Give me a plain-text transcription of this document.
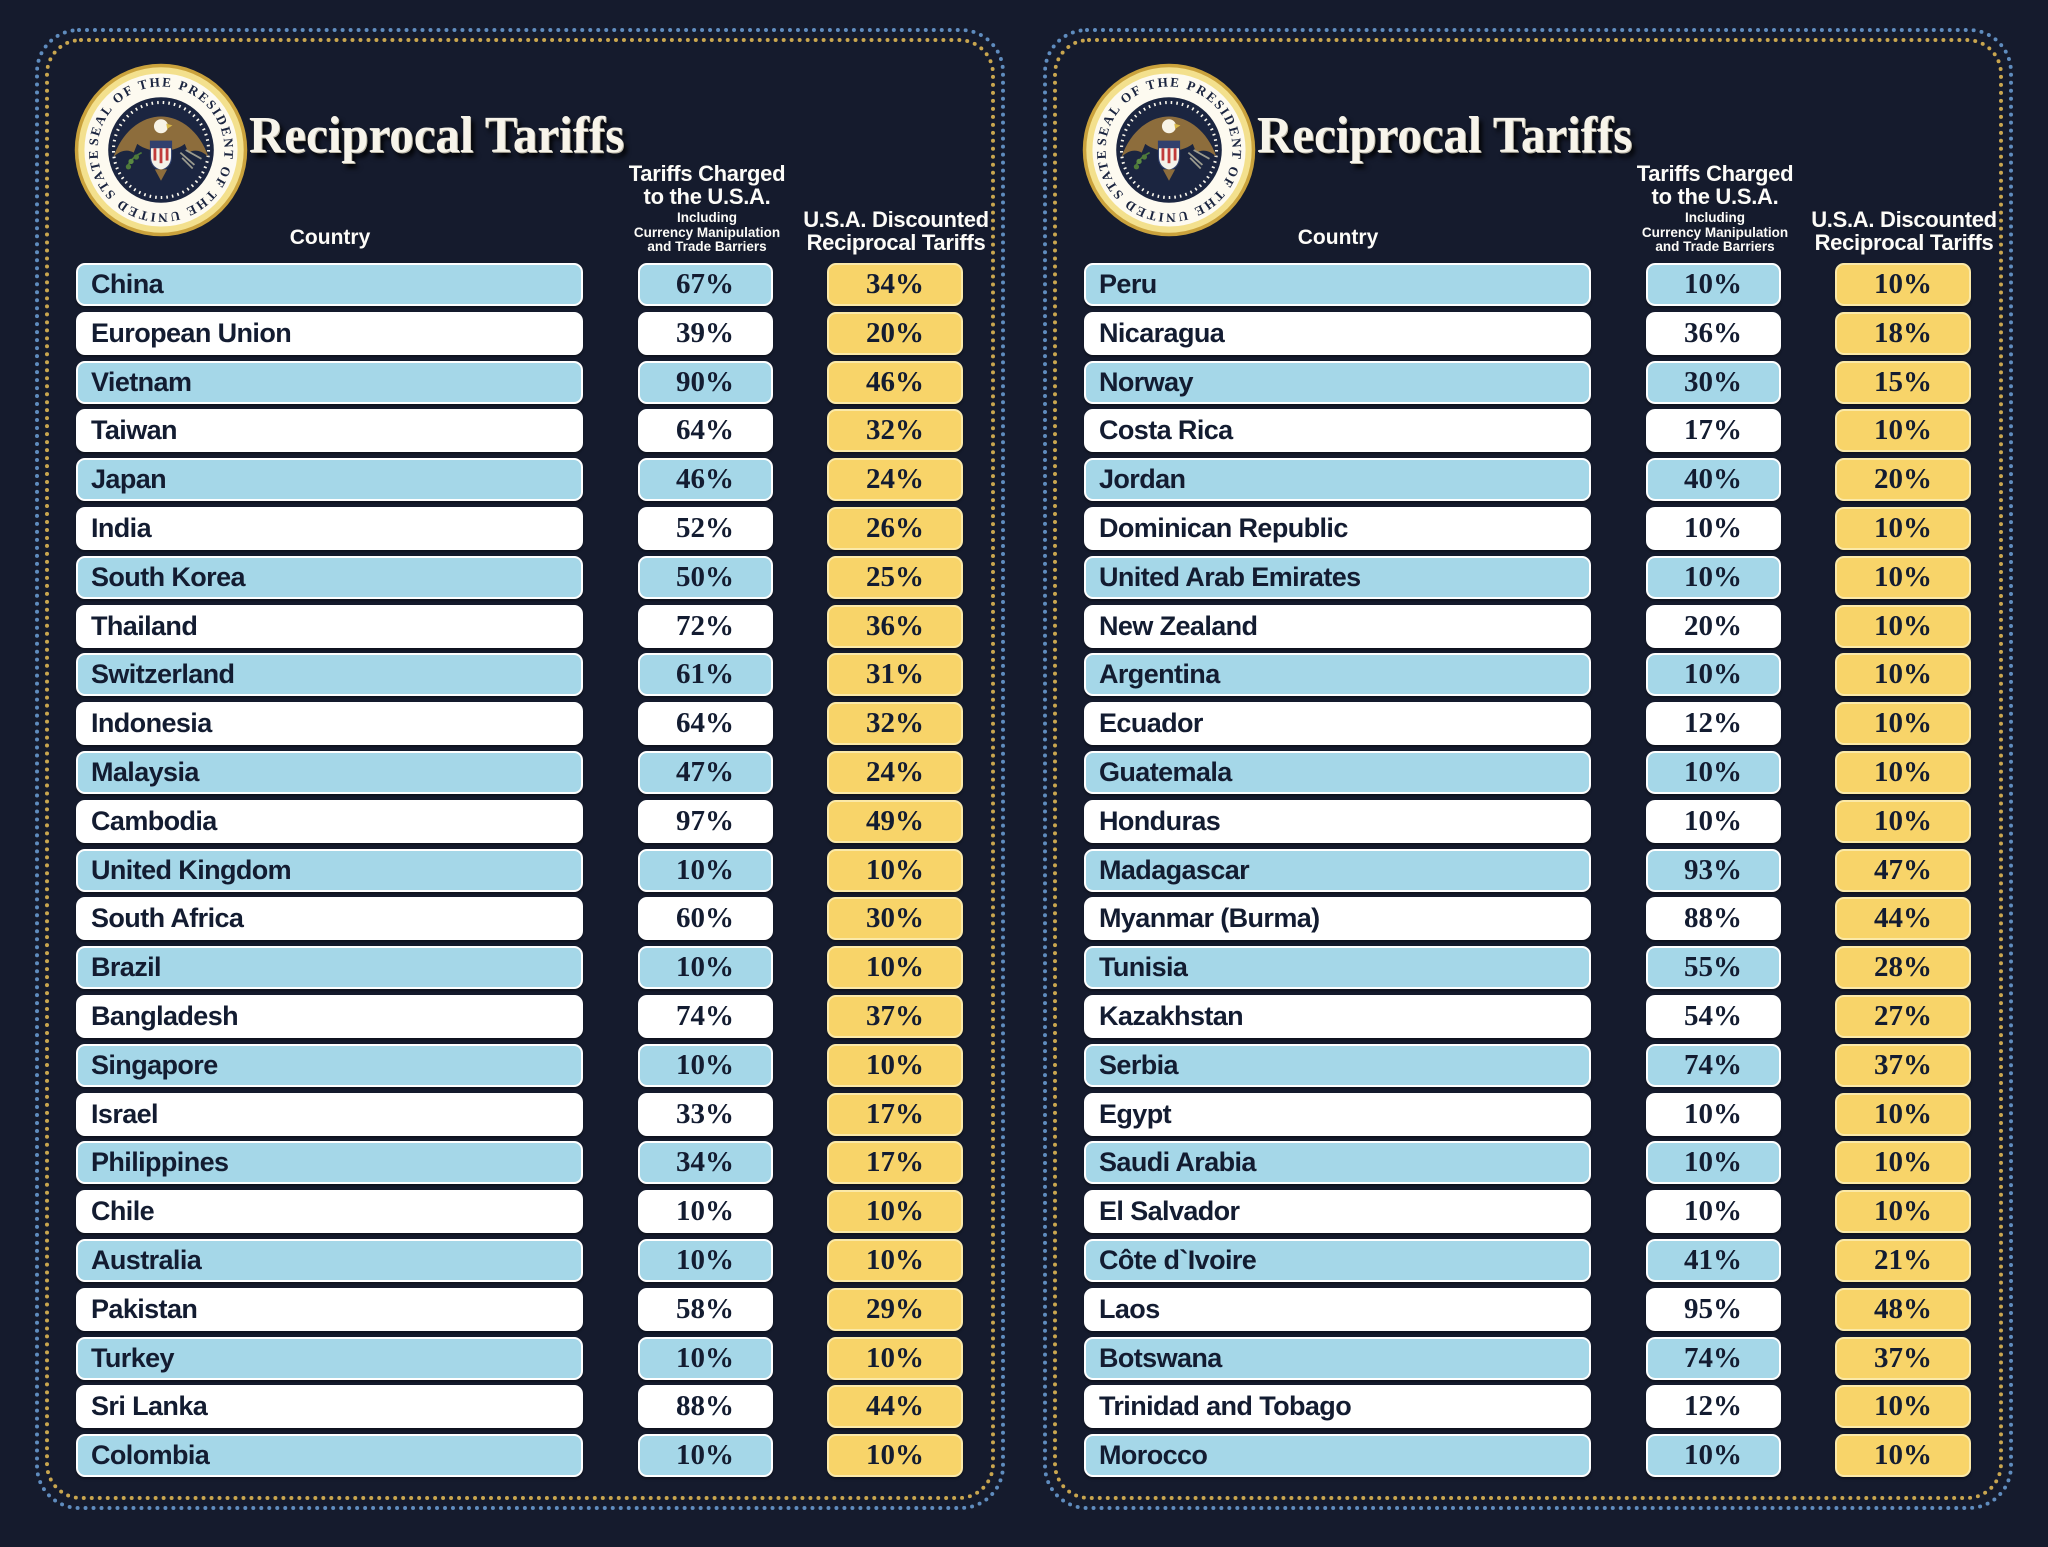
Reciprocal Tariffs
Country
Tariffs Charged
to the U.S.A.
Including
Currency Manipulation
and Trade Barriers
U.S.A. Discounted
Reciprocal Tariffs
China	67%	34%
European Union	39%	20%
Vietnam	90%	46%
Taiwan	64%	32%
Japan	46%	24%
India	52%	26%
South Korea	50%	25%
Thailand	72%	36%
Switzerland	61%	31%
Indonesia	64%	32%
Malaysia	47%	24%
Cambodia	97%	49%
United Kingdom	10%	10%
South Africa	60%	30%
Brazil	10%	10%
Bangladesh	74%	37%
Singapore	10%	10%
Israel	33%	17%
Philippines	34%	17%
Chile	10%	10%
Australia	10%	10%
Pakistan	58%	29%
Turkey	10%	10%
Sri Lanka	88%	44%
Colombia	10%	10%
Reciprocal Tariffs
Country
Tariffs Charged
to the U.S.A.
Including
Currency Manipulation
and Trade Barriers
U.S.A. Discounted
Reciprocal Tariffs
Peru	10%	10%
Nicaragua	36%	18%
Norway	30%	15%
Costa Rica	17%	10%
Jordan	40%	20%
Dominican Republic	10%	10%
United Arab Emirates	10%	10%
New Zealand	20%	10%
Argentina	10%	10%
Ecuador	12%	10%
Guatemala	10%	10%
Honduras	10%	10%
Madagascar	93%	47%
Myanmar (Burma)	88%	44%
Tunisia	55%	28%
Kazakhstan	54%	27%
Serbia	74%	37%
Egypt	10%	10%
Saudi Arabia	10%	10%
El Salvador	10%	10%
Côte d`Ivoire	41%	21%
Laos	95%	48%
Botswana	74%	37%
Trinidad and Tobago	12%	10%
Morocco	10%	10%
